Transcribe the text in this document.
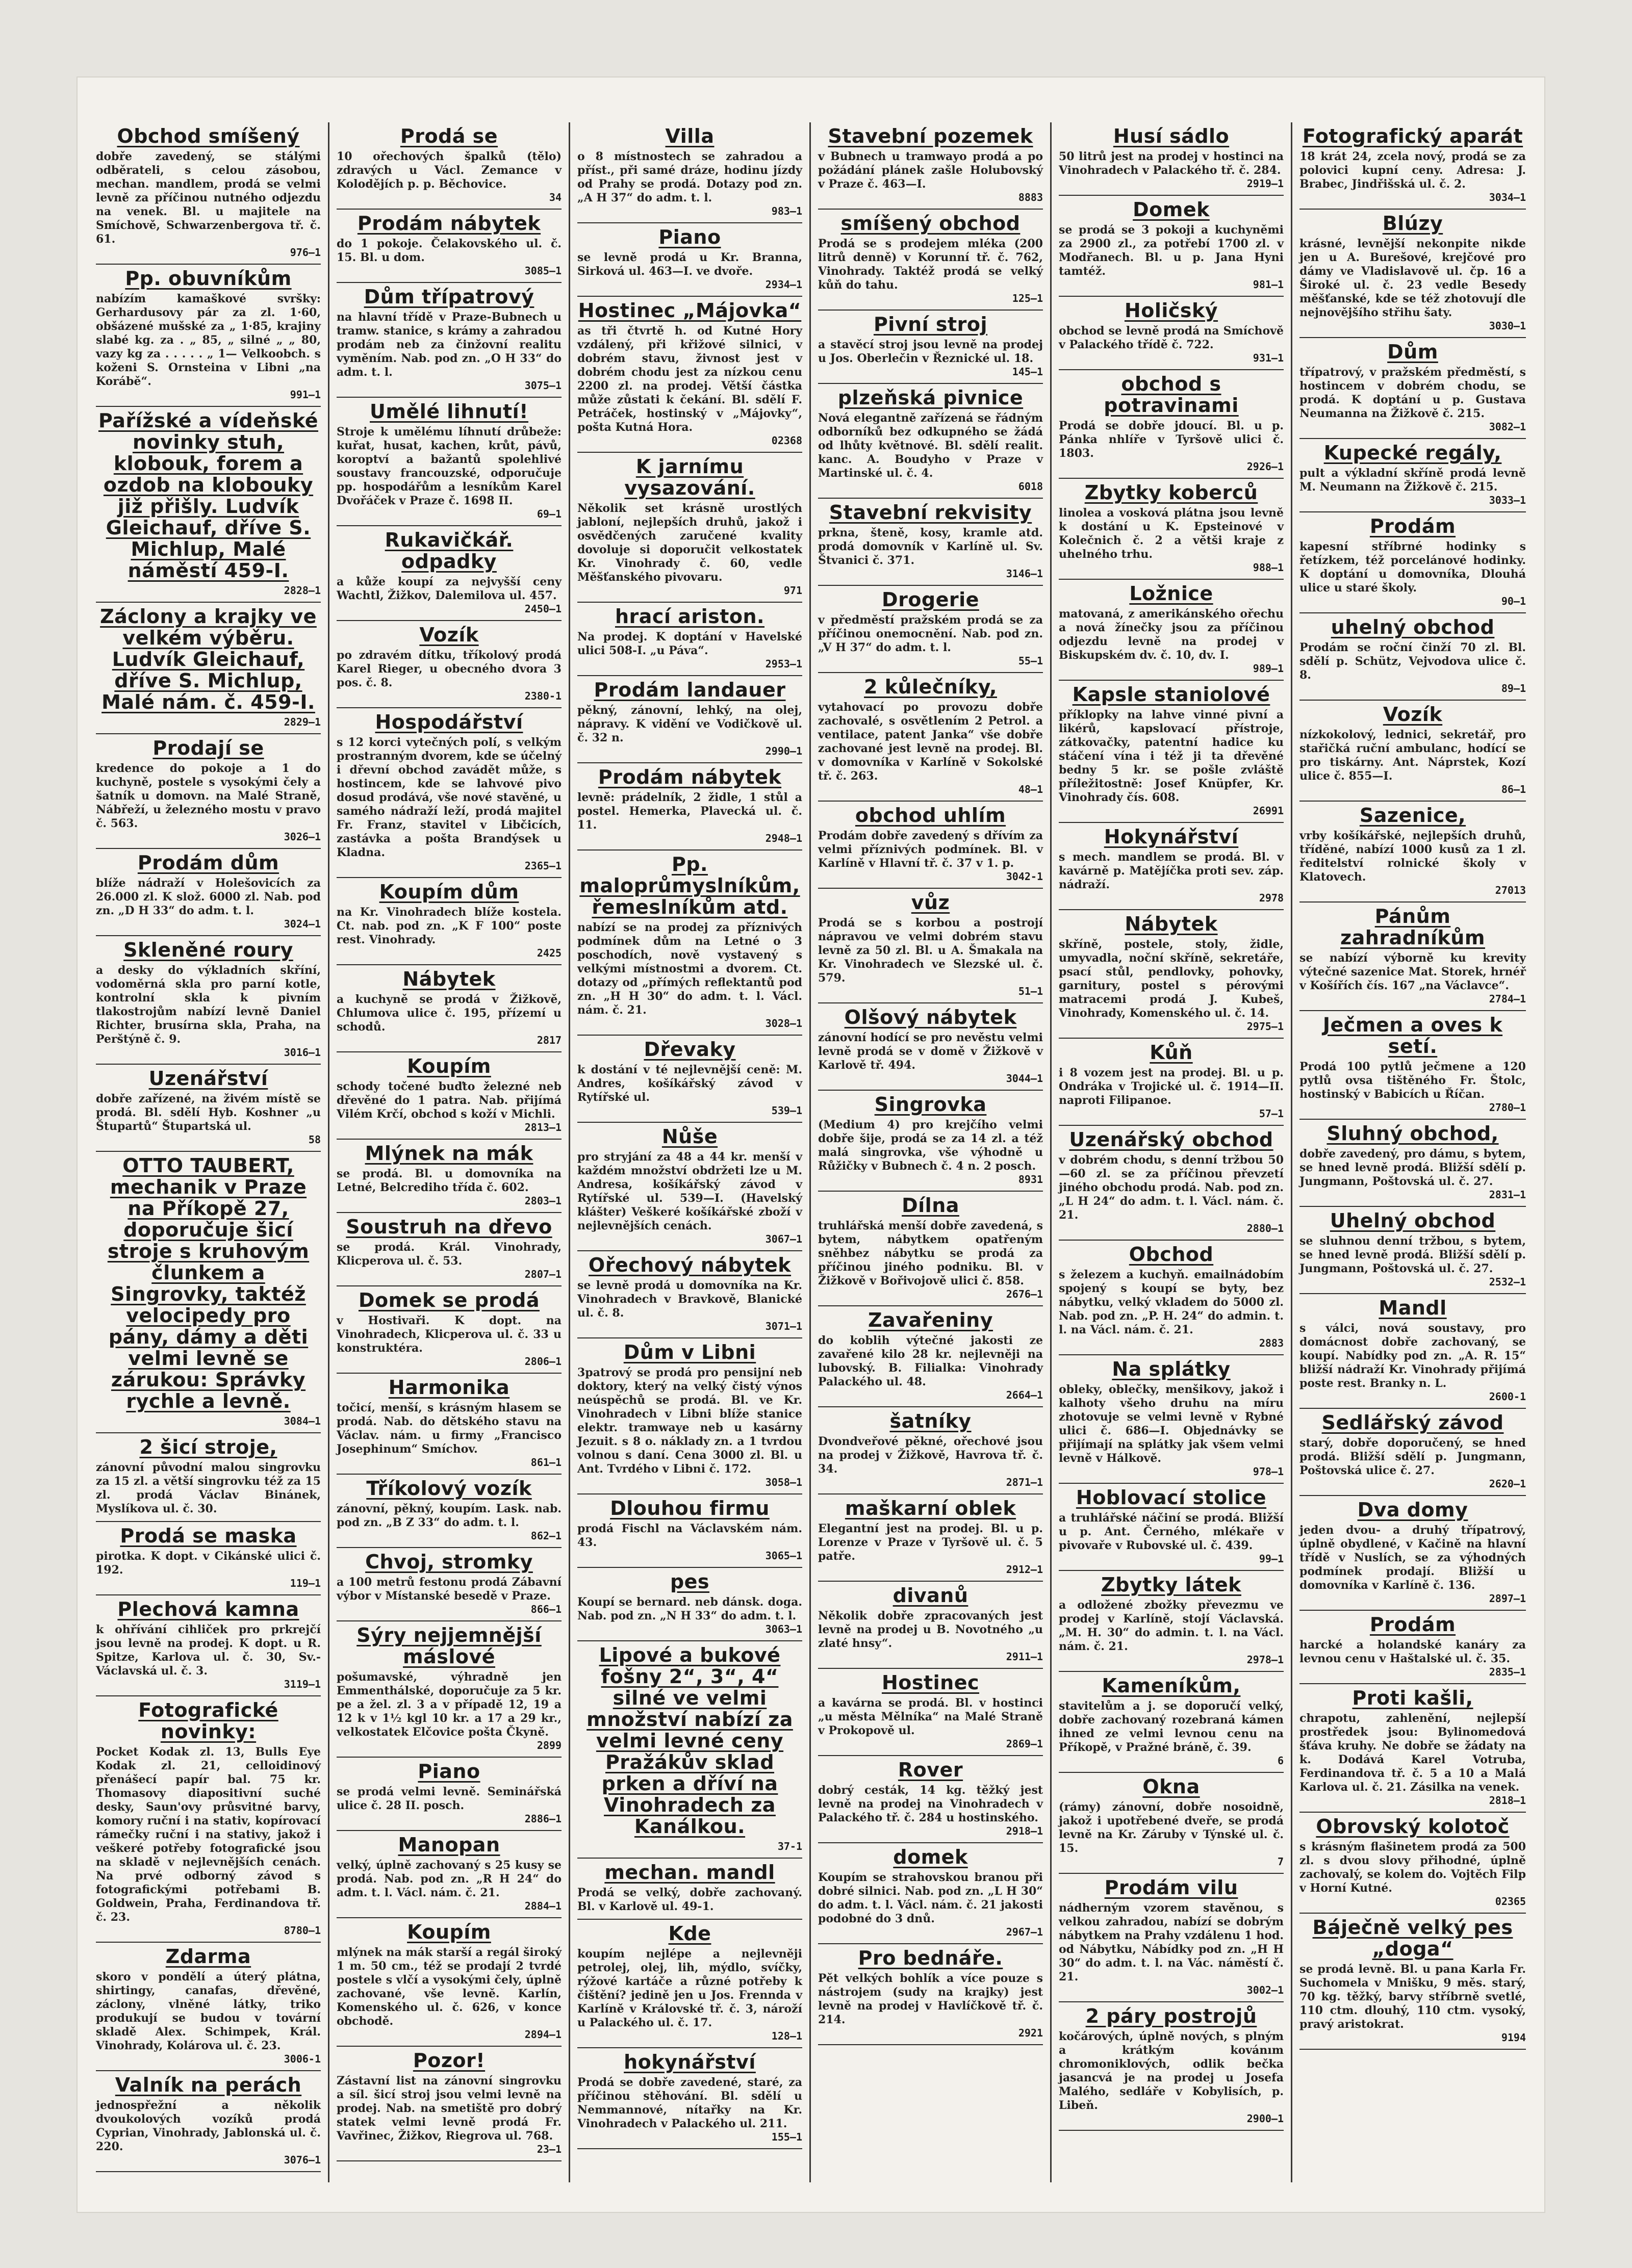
Obchod smíšený
dobře zavedený, se stálými odběrateli, s celou zásobou, mechan. mandlem, prodá se velmi levně za příčinou nutného odjezdu na venek. Bl. u majitele na Smíchově, Schwarzenbergova tř. č. 61.
976—1
Pp. obuvníkům
nabízím kamaškové svršky: Gerhardusovy pár za zl. 1·60, obšázené mušské za „ 1·85, krajiny slabé kg. za . „ 85, „ silné „ „ 80, vazy kg za . . . . . „ 1— Velkoobch. s koženi S. Ornsteina v Libni „na Korábě“.
991—1
Pařížské a vídeňské novinky stuh, klobouk, forem a ozdob na klobouky již přišly. Ludvík Gleichauf, dříve S. Michlup, Malé náměstí 459-I.
2828—1
Záclony a krajky ve velkém výběru. Ludvík Gleichauf, dříve S. Michlup, Malé nám. č. 459-I.
2829—1
Prodají se
kredence do pokoje a 1 do kuchyně, postele s vysokými čely a šatník u domovn. na Malé Straně, Nábřeží, u železného mostu v pravo č. 563.
3026—1
Prodám dům
blíže nádraží v Holešovicích za 26.000 zl. K slož. 6000 zl. Nab. pod zn. „D H 33“ do adm. t. l.
3024—1
Skleněné roury
a desky do výkladních skříní, vodoměrná skla pro parní kotle, kontrolní skla k pivním tlakostrojům nabízí levně Daniel Richter, brusírna skla, Praha, na Perštýně č. 9.
3016—1
Uzenářství
dobře zařízené, na živém místě se prodá. Bl. sdělí Hyb. Koshner „u Štupartů“ Štupartská ul.
58
OTTO TAUBERT, mechanik v Praze na Příkopě 27, doporučuje šicí stroje s kruhovým člunkem a Singrovky, taktéž velocipedy pro pány, dámy a děti velmi levně se zárukou: Správky rychle a levně.
3084—1
2 šicí stroje,
zánovní původní malou singrovku za 15 zl. a větší singrovku též za 15 zl. prodá Václav Binánek, Myslíkova ul. č. 30.
Prodá se maska
pirotka. K dopt. v Cikánské ulici č. 192.
119—1
Plechová kamna
k ohřívání cihliček pro prkrejčí jsou levně na prodej. K dopt. u R. Spitze, Karlova ul. č. 30, Sv.-Václavská ul. č. 3.
3119—1
Fotografické novinky:
Pocket Kodak zl. 13, Bulls Eye Kodak zl. 21, celloidinový přenášecí papír bal. 75 kr. Thomasovy diapositivní suché desky, Saun'ovy průsvitné barvy, komory ruční i na stativ, kopírovací rámečky ruční i na stativy, jakož i veškeré potřeby fotografické jsou na skladě v nejlevnějších cenách. Na prvé odborný závod s fotografickými potřebami B. Goldwein, Praha, Ferdinandova tř. č. 23.
8780—1
Zdarma
skoro v pondělí a úterý plátna, shirtingy, canafas, dřevěné, záclony, vlněné látky, triko produkují se budou v tovární skladě Alex. Schimpek, Král. Vinohrady, Kolárova ul. č. 23.
3006-1
Valník na perách
jednospřežní a několik dvoukolových vozíků prodá Cyprian, Vinohrady, Jablonská ul. č. 220.
3076—1
Prodá se
10 ořechových špalků (tělo) zdravých u Václ. Zemance v Kolodějích p. p. Běchovice.
34
Prodám nábytek
do 1 pokoje. Čelakovského ul. č. 15. Bl. u dom.
3085—1
Dům třípatrový
na hlavní třídě v Praze-Bubnech u tramw. stanice, s krámy a zahradou prodám neb za činžovní realitu vyměním. Nab. pod zn. „O H 33“ do adm. t. l.
3075—1
Umělé lihnutí!
Stroje k umělému líhnutí drůbeže: kuřat, husat, kachen, krůt, pávů, koroptví a bažantů spolehlivé soustavy francouzské, odporučuje pp. hospodářům a lesníkům Karel Dvořáček v Praze č. 1698 II.
69—1
Rukavičkář. odpadky
a kůže koupí za nejvyšší ceny Wachtl, Žižkov, Dalemilova ul. 457.
2450—1
Vozík
po zdravém dítku, tříkolový prodá Karel Rieger, u obecného dvora 3 pos. č. 8.
2380-1
Hospodářství
s 12 korci vytečných polí, s velkým prostranným dvorem, kde se účelný i dřevní obchod zavádět může, s hostincem, kde se lahvové pivo dosud prodává, vše nové stavěné, u samého nádraží leží, prodá majitel Fr. Franz, stavitel v Libčicích, zastávka a pošta Brandýsek u Kladna.
2365—1
Koupím dům
na Kr. Vinohradech blíže kostela. Ct. nab. pod zn. „K F 100“ poste rest. Vinohrady.
2425
Nábytek
a kuchyně se prodá v Žižkově, Chlumova ulice č. 195, přízemí u schodů.
2817
Koupím
schody točené buďto železné neb dřevěné do 1 patra. Nab. přijímá Vilém Krčí, obchod s koží v Michli.
2813—1
Mlýnek na mák
se prodá. Bl. u domovníka na Letné, Belcrediho třída č. 602.
2803—1
Soustruh na dřevo
se prodá. Král. Vinohrady, Klicperova ul. č. 53.
2807—1
Domek se prodá
v Hostivaři. K dopt. na Vinohradech, Klicperova ul. č. 33 u konstruktéra.
2806—1
Harmonika
točicí, menší, s krásným hlasem se prodá. Nab. do dětského stavu na Václav. nám. u firmy „Francisco Josephinum“ Smíchov.
861—1
Tříkolový vozík
zánovní, pěkný, koupím. Lask. nab. pod zn. „B Z 33“ do adm. t. l.
862—1
Chvoj, stromky
a 100 metrů festonu prodá Zábavní výbor v Místanské besedě v Praze.
866—1
Sýry nejjemnější máslové
pošumavské, výhradně jen Emmenthálské, doporučuje za 5 kr. pe a žel. zl. 3 a v případě 12, 19 a 12 k v 1½ kgl 10 kr. a 17 a 29 kr., velkostatek Elčovice pošta Čkyně.
2899
Piano
se prodá velmi levně. Seminářská ulice č. 28 II. posch.
2886—1
Manopan
velký, úplně zachovaný s 25 kusy se prodá. Nab. pod zn. „R H 24“ do adm. t. l. Václ. nám. č. 21.
2884—1
Koupím
mlýnek na mák starší a regál široký 1 m. 50 cm., též se prodají 2 tvrdé postele s vlčí a vysokými čely, úplně zachované, vše levně. Karlín, Komenského ul. č. 626, v konce obchodě.
2894—1
Pozor!
Zástavní list na zánovní singrovku a síl. šicí stroj jsou velmi levně na prodej. Nab. na smetiště pro dobrý statek velmi levně prodá Fr. Vavřinec, Žižkov, Riegrova ul. 768.
23—1
Villa
o 8 místnostech se zahradou a příst., při samé dráze, hodinu jízdy od Prahy se prodá. Dotazy pod zn. „A H 37“ do adm. t. l.
983—1
Piano
se levně prodá u Kr. Branna, Sirková ul. 463—I. ve dvoře.
2934—1
Hostinec „Májovka“
as tři čtvrtě h. od Kutné Hory vzdálený, při křižové silnici, v dobrém stavu, živnost jest v dobrém chodu jest za nízkou cenu 2200 zl. na prodej. Větší částka může zůstati k čekání. Bl. sdělí F. Petráček, hostinský v „Májovky“, pošta Kutná Hora.
02368
K jarnímu vysazování.
Několik set krásně urostlých jabloní, nejlepších druhů, jakož i osvědčených zaručené kvality dovoluje si doporučit velkostatek Kr. Vinohrady č. 60, vedle Měšťanského pivovaru.
971
hrací ariston.
Na prodej. K doptání v Havelské ulici 508-I. „u Páva“.
2953—1
Prodám landauer
pěkný, zánovní, lehký, na olej, nápravy. K vidění ve Vodičkově ul. č. 32 n.
2990—1
Prodám nábytek
levně: prádelník, 2 židle, 1 stůl a postel. Hemerka, Plavecká ul. č. 11.
2948—1
Pp. maloprůmyslníkům, řemeslníkům atd.
nabízí se na prodej za příznivých podmínek dům na Letné o 3 poschodích, nově vystavený s velkými místnostmi a dvorem. Ct. dotazy od „přímých reflektantů pod zn. „H H 30“ do adm. t. l. Václ. nám. č. 21.
3028—1
Dřevaky
k dostání v té nejlevnější ceně: M. Andres, košíkářský závod v Rytířské ul.
539—1
Nůše
pro stryjání za 48 a 44 kr. menší v každém množství obdržeti lze u M. Andresa, košíkářský závod v Rytířské ul. 539—I. (Havelský klášter) Veškeré košíkářské zboží v nejlevnějších cenách.
3067—1
Ořechový nábytek
se levně prodá u domovníka na Kr. Vinohradech v Bravkově, Blanické ul. č. 8.
3071—1
Dům v Libni
3patrový se prodá pro pensijní neb doktory, který na velký čistý výnos neúspěchů se prodá. Bl. ve Kr. Vinohradech v Libni blíže stanice elektr. tramwaye neb u kasárny Jezuit. s 8 o. náklady zn. a 1 tvrdou volnou s daní. Cena 3000 zl. Bl. u Ant. Tvrdého v Libni č. 172.
3058—1
Dlouhou firmu
prodá Fischl na Václavském nám. 43.
3065—1
pes
Koupí se bernard. neb dánsk. doga. Nab. pod zn. „N H 33“ do adm. t. l.
3063—1
Lipové a bukové fošny 2“, 3“, 4“ silné ve velmi množství nabízí za velmi levné ceny Pražákův sklad prken a dříví na Vinohradech za Kanálkou.
37-1
mechan. mandl
Prodá se velký, dobře zachovaný. Bl. v Karlově ul. 49-1.
Kde
koupím nejlépe a nejlevněji petrolej, olej, lih, mýdlo, svíčky, rýžové kartáče a různé potřeby k čištění? jedině jen u Jos. Frennda v Karlíně v Královské tř. č. 3, nároží u Palackého ul. č. 17.
128—1
hokynářství
Prodá se dobře zavedené, staré, za příčinou stěhování. Bl. sdělí u Nemmannové, nítařky na Kr. Vinohradech v Palackého ul. 211.
155—1
Stavební pozemek
v Bubnech u tramwayo prodá a po požádání plánek zašle Holubovský v Praze č. 463—I.
8883
smíšený obchod
Prodá se s prodejem mléka (200 litrů denně) v Korunní tř. č. 762, Vinohrady. Taktéž prodá se velký kůň do tahu.
125—1
Pivní stroj
a stavěcí stroj jsou levně na prodej u Jos. Oberlečin v Řeznické ul. 18.
145—1
plzeňská pivnice
Nová elegantně zařízená se řádným odborníků bez odkupného se žádá od lhůty květnové. Bl. sdělí realit. kanc. A. Boudyho v Praze v Martinské ul. č. 4.
6018
Stavební rekvisity
prkna, šteně, kosy, kramle atd. prodá domovník v Karlíně ul. Sv. Štvanici č. 371.
3146—1
Drogerie
v předměstí pražském prodá se za příčinou onemocnění. Nab. pod zn. „V H 37“ do adm. t. l.
55—1
2 kůlečníky,
vytahovací po provozu dobře zachovalé, s osvětlením 2 Petrol. a ventilace, patent Janka“ vše dobře zachované jest levně na prodej. Bl. v domovníka v Karlíně v Sokolské tř. č. 263.
48—1
obchod uhlím
Prodám dobře zavedený s dřívím za velmi příznivých podmínek. Bl. v Karlíně v Hlavní tř. č. 37 v 1. p.
3042-1
vůz
Prodá se s korbou a postrojí nápravou ve velmi dobrém stavu levně za 50 zl. Bl. u A. Šmakala na Kr. Vinohradech ve Slezské ul. č. 579.
51—1
Olšový nábytek
zánovní hodící se pro nevěstu velmi levně prodá se v domě v Žižkově v Karlově tř. 494.
3044—1
Singrovka
(Medium 4) pro krejčího velmi dobře šije, prodá se za 14 zl. a též malá singrovka, vše výhodně u Růžičky v Bubnech č. 4 n. 2 posch.
8931
Dílna
truhlářská menší dobře zavedená, s bytem, nábytkem opatřeným sněhbez nábytku se prodá za příčinou jiného podniku. Bl. v Žižkově v Bořivojově ulici č. 858.
2676—1
Zavařeniny
do koblih výtečné jakosti ze zavařené kilo 28 kr. nejlevněji na lubovský. B. Filialka: Vinohrady Palackého ul. 48.
2664—1
šatníky
Dvondveřové pěkné, ořechové jsou na prodej v Žižkově, Havrova tř. č. 34.
2871—1
maškarní oblek
Elegantní jest na prodej. Bl. u p. Lorenze v Praze v Tyršově ul. č. 5 patře.
2912—1
divanů
Několik dobře zpracovaných jest levně na prodej u B. Novotného „u zlaté hnsy“.
2911—1
Hostinec
a kavárna se prodá. Bl. v hostinci „u města Mělníka“ na Malé Straně v Prokopově ul.
2869—1
Rover
dobrý cesták, 14 kg. těžký jest levně na prodej na Vinohradech v Palackého tř. č. 284 u hostinského.
2918—1
domek
Koupím se strahovskou branou při dobré silnici. Nab. pod zn. „L H 30“ do adm. t. l. Václ. nám. č. 21 jakosti podobné do 3 dnů.
2967—1
Pro bednáře.
Pět velkých bohlík a více pouze s nástrojem (sudy na krajky) jest levně na prodej v Havlíčkově tř. č. 214.
2921
Husí sádlo
50 litrů jest na prodej v hostinci na Vinohradech v Palackého tř. č. 284.
2919—1
Domek
se prodá se 3 pokoji a kuchyněmi za 2900 zl., za potřebí 1700 zl. v Modřanech. Bl. u p. Jana Hyni tamtéž.
981—1
Holičský
obchod se levně prodá na Smíchově v Palackého třídě č. 722.
931—1
obchod s potravinami
Prodá se dobře jdoucí. Bl. u p. Pánka nhlíře v Tyršově ulici č. 1803.
2926—1
Zbytky koberců
linolea a vosková plátna jsou levně k dostání u K. Epsteinové v Kolečnich č. 2 a větši kraje z uhelného trhu.
988—1
Ložnice
matovaná, z amerikánského ořechu a nová žínečky jsou za příčinou odjezdu levně na prodej v Biskupském dv. č. 10, dv. I.
989—1
Kapsle staniolové
příklopky na lahve vinné pivní a likérů, kapslovací přístroje, zátkovačky, patentní hadice ku stáčení vína i též ji ta dřevěné bedny 5 kr. se pošle zvláště příležitostně: Josef Knüpfer, Kr. Vinohrady čís. 608.
26991
Hokynářství
s mech. mandlem se prodá. Bl. v kavárně p. Matějíčka proti sev. záp. nádraží.
2978
Nábytek
skříně, postele, stoly, židle, umyvadla, noční skříně, sekretáře, psací stůl, pendlovky, pohovky, garnitury, postel s pérovými matracemi prodá J. Kubeš, Vinohrady, Komenského ul. č. 14.
2975—1
Kůň
i 8 vozem jest na prodej. Bl. u p. Ondráka v Trojické ul. č. 1914—II. naproti Filipanoe.
57—1
Uzenářský obchod
v dobrém chodu, s denní tržbou 50—60 zl. se za příčinou převzetí jiného obchodu prodá. Nab. pod zn. „L H 24“ do adm. t. l. Václ. nám. č. 21.
2880—1
Obchod
s železem a kuchyň. emailnádobím spojený s koupí se byty, bez nábytku, velký vkladem do 5000 zl. Nab. pod zn. „P. H. 24“ do admin. t. l. na Václ. nám. č. 21.
2883
Na splátky
obleky, oblečky, menšikovy, jakož i kalhoty všeho druhu na míru zhotovuje se velmi levně v Rybné ulici č. 686—I. Objednávky se přijímají na splátky jak všem velmi levně v Hálkově.
978—1
Hoblovací stolice
a truhlářské náčiní se prodá. Bližší u p. Ant. Černého, mlékaře v pivovaře v Rubovské ul. č. 439.
99—1
Zbytky látek
a odložené zbožky převezmu ve prodej v Karlíně, stojí Václavská. „M. H. 30“ do admin. t. l. na Václ. nám. č. 21.
2978—1
Kameníkům,
stavitelům a j. se doporučí velký, dobře zachovaný rozebraná kámen ihned ze velmi levnou cenu na Příkopě, v Pražné bráně, č. 39.
6
Okna
(rámy) zánovní, dobře nosoidně, jakož i upotřebené dveře, se prodá levně na Kr. Záruby v Týnské ul. č. 15.
7
Prodám vilu
nádherným vzorem stavěnou, s velkou zahradou, nabízí se dobrým nábytkem na Prahy vzdálenu 1 hod. od Nábytku, Nábídky pod zn. „H H 30“ do adm. t. l. na Vác. náměstí č. 21.
3002—1
2 páry postrojů
kočárových, úplně nových, s plným a krátkým kovánım chromoniklových, odlik bečka jasancvá je na prodej u Josefa Malého, sedláře v Kobylisích, p. Libeň.
2900—1
Fotografický aparát
18 krát 24, zcela nový, prodá se za polovici kupní ceny. Adresa: J. Brabec, Jindřišská ul. č. 2.
3034—1
Blúzy
krásné, levnější nekonpite nikde jen u A. Burešové, krejčové pro dámy ve Vladislavově ul. čp. 16 a Široké ul. č. 23 vedle Besedy měšťanské, kde se též zhotovují dle nejnovějšího střihu šaty.
3030—1
Dům
třípatrový, v pražském předměstí, s hostincem v dobrém chodu, se prodá. K doptání u p. Gustava Neumanna na Žižkově č. 215.
3082—1
Kupecké regály,
pult a výkladní skříně prodá levně M. Neumann na Žižkově č. 215.
3033—1
Prodám
kapesní stříbrné hodinky s řetízkem, též porcelánové hodinky. K doptání u domovníka, Dlouhá ulice u staré školy.
90—1
uhelný obchod
Prodám se roční činží 70 zl. Bl. sdělí p. Schütz, Vejvodova ulice č. 8.
89—1
Vozík
nízkokolový, lednici, sekretář, pro stařičká ruční ambulanc, hodící se pro tiskárny. Ant. Náprstek, Kozí ulice č. 855—I.
86—1
Sazenice,
vrby košíkářské, nejlepších druhů, tříděné, nabízí 1000 kusů za 1 zl. ředitelství rolnické školy v Klatovech.
27013
Pánům zahradníkům
se nabízí výborně ku krevity výtečné sazenice Mat. Storek, hrnéř v Košířích čís. 167 „na Václavce“.
2784—1
Ječmen a oves k setí.
Prodá 100 pytlů ječmene a 120 pytlů ovsa tištěného Fr. Štolc, hostinský v Babicích u Říčan.
2780—1
Sluhný obchod,
dobře zavedený, pro dámu, s bytem, se hned levně prodá. Bližší sdělí p. Jungmann, Poštovská ul. č. 27.
2831—1
Uhelný obchod
se sluhnou denní tržbou, s bytem, se hned levně prodá. Bližší sdělí p. Jungmann, Poštovská ul. č. 27.
2532—1
Mandl
s válci, nová soustavy, pro domácnost dobře zachovaný, se koupí. Nabídky pod zn. „A. R. 15“ bližší nádraží Kr. Vinohrady přijímá poste rest. Branky n. L.
2600-1
Sedlářský závod
starý, dobře doporučený, se hned prodá. Bližší sdělí p. Jungmann, Poštovská ulice č. 27.
2620—1
Dva domy
jeden dvou- a druhý třípatrový, úplně obydlené, v Kačině na hlavní třídě v Nuslích, se za výhodných podmínek prodají. Bližší u domovníka v Karlíně č. 136.
2897—1
Prodám
harcké a holandské kanáry za levnou cenu v Haštalské ul. č. 35.
2835—1
Proti kašli,
chrapotu, zahlenění, nejlepší prostředek jsou: Bylinomedová šťáva kruhy. Ne dobře se žádaty na k. Dodává Karel Votruba, Ferdinandova tř. č. 5 a 10 a Malá Karlova ul. č. 21. Zásilka na venek.
2818—1
Obrovský kolotoč
s krásným flašinetem prodá za 500 zl. s dvou slovy přihodné, úplně zachovalý, se kolem do. Vojtěch Filp v Horní Kutné.
02365
Báječně velký pes „doga“
se prodá levně. Bl. u pana Karla Fr. Suchomela v Mnišku, 9 měs. starý, 70 kg. těžký, barvy stříbrně svetlé, 110 ctm. dlouhý, 110 ctm. vysoký, pravý aristokrat.
9194
